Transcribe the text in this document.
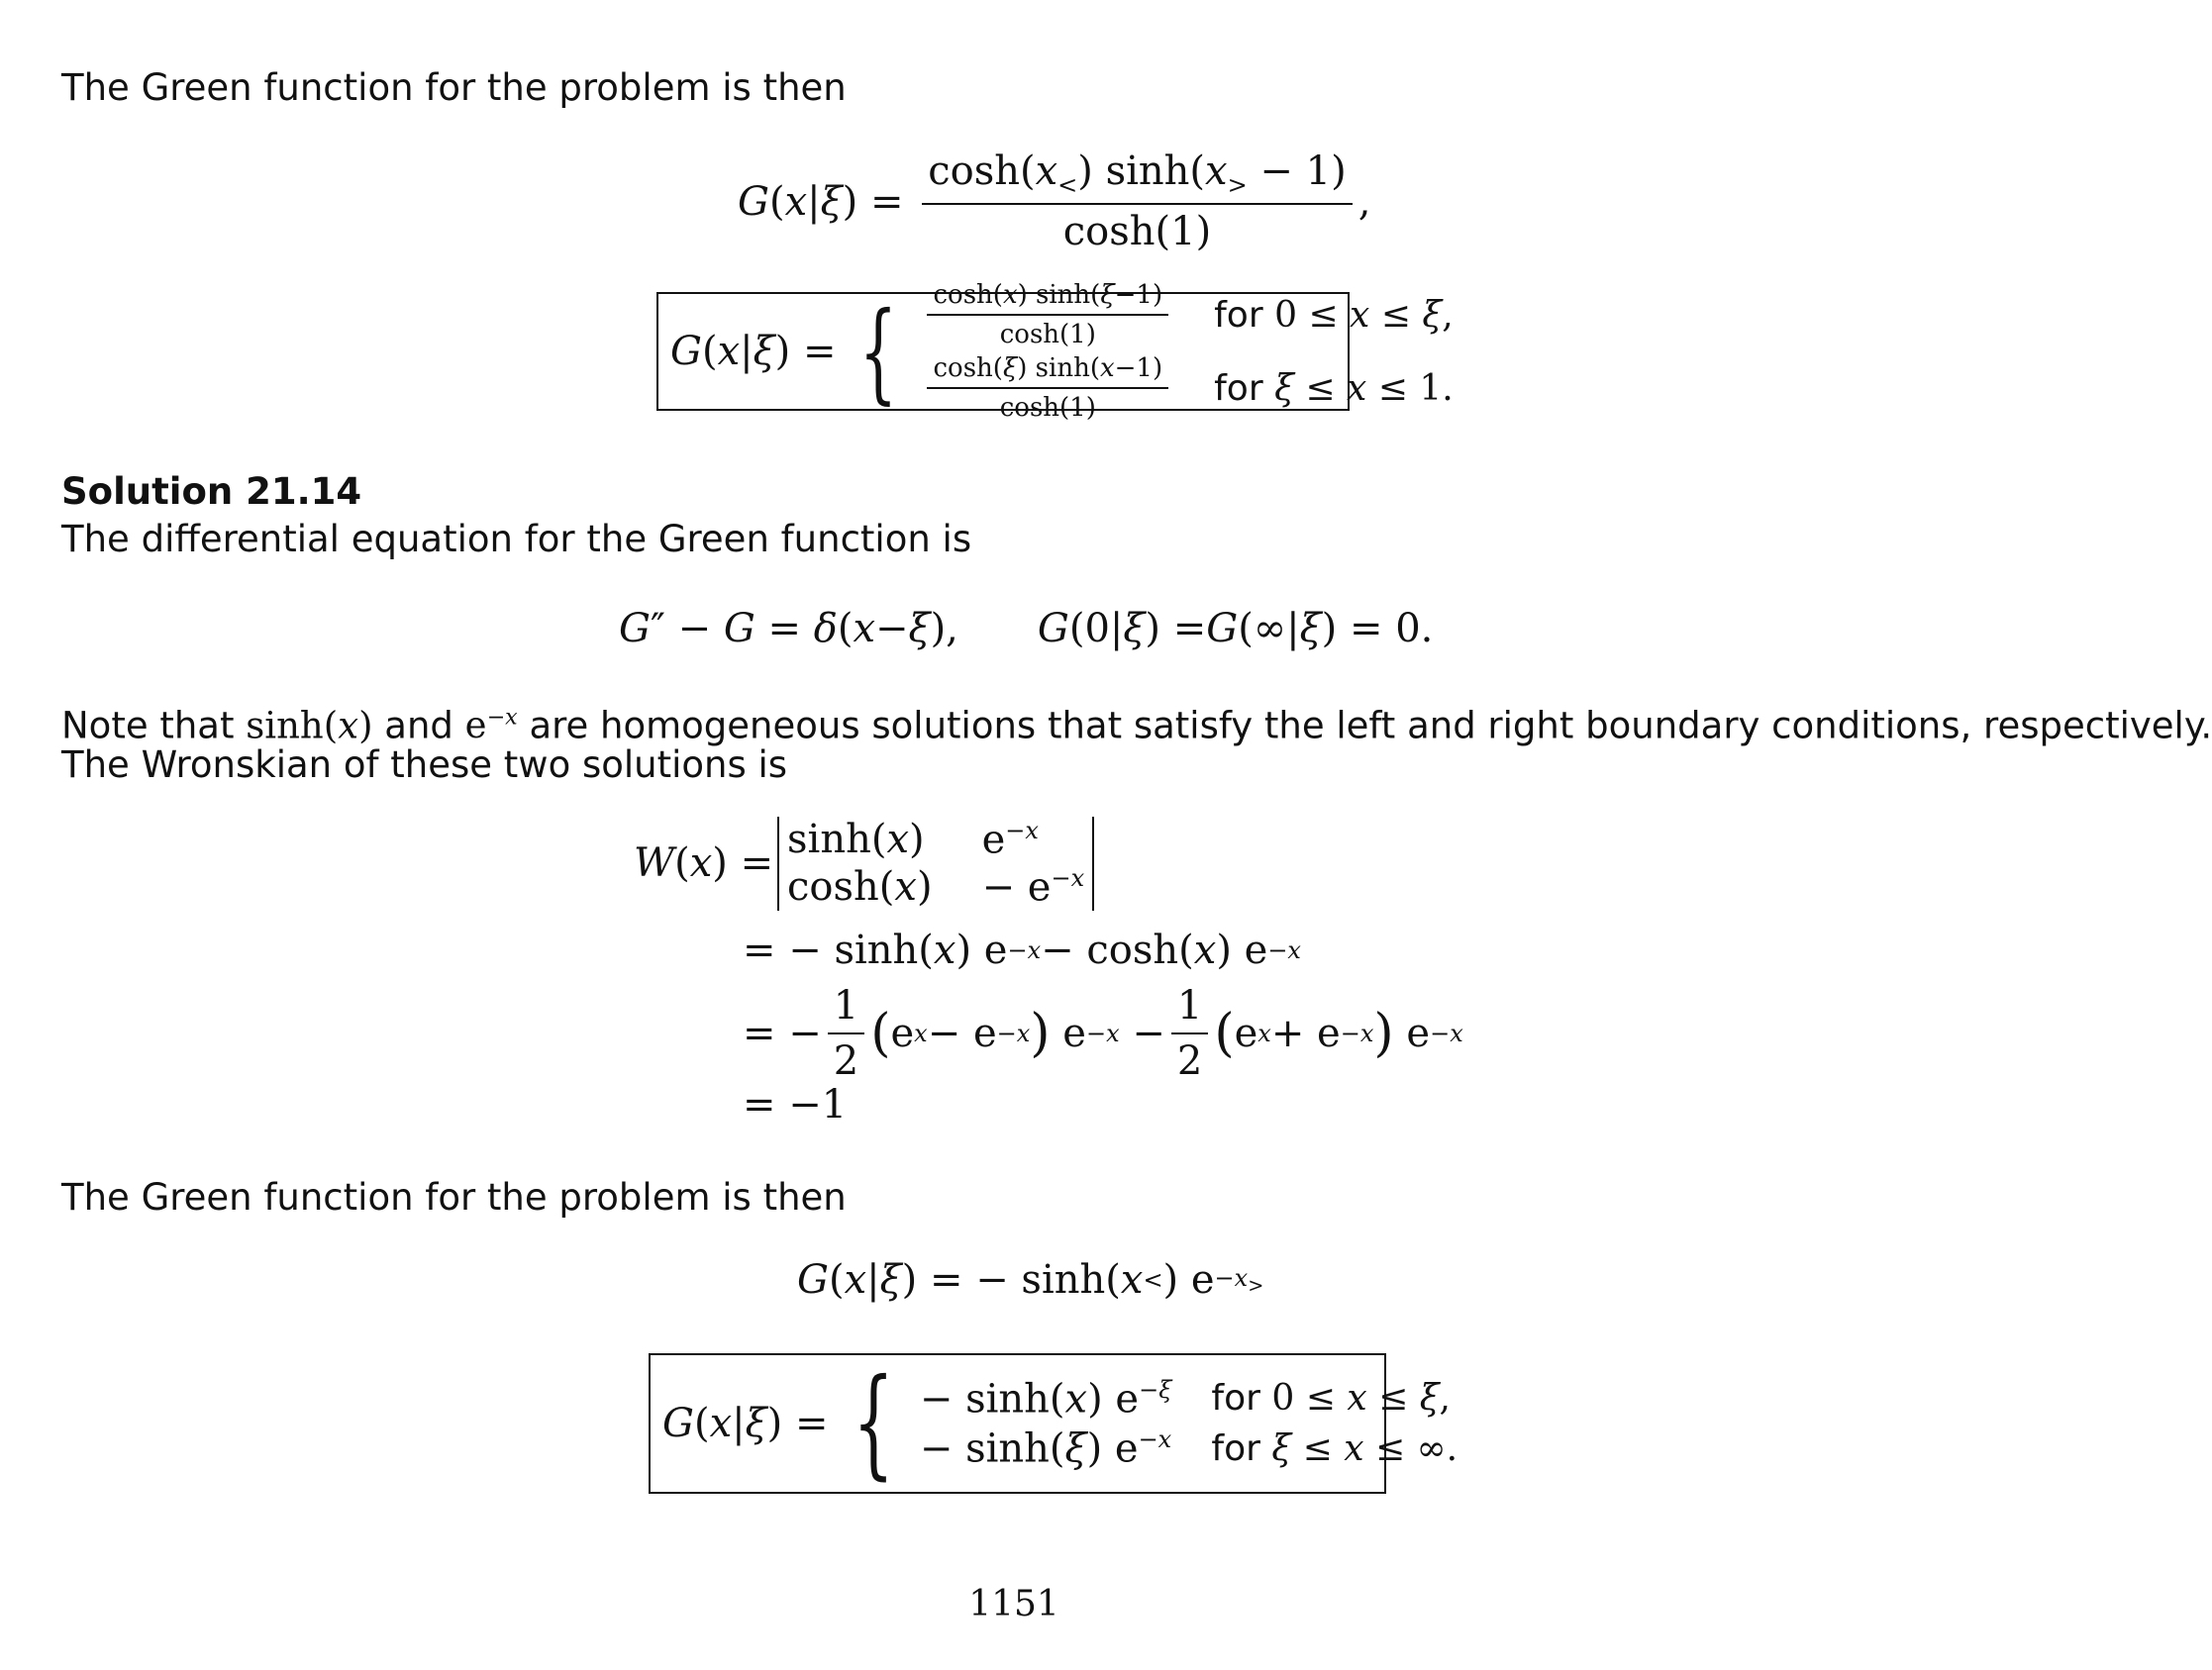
The Green function for the problem is then
G ( x | ξ ) = $\frac{\cosh(x_<) \sinh(x_> - 1)}{\cosh(1)}$ ,
G(x|ξ) = { $\frac{\cosh(x) \sinh(\xi-1)}{\cosh(1)}$ for 0 ≤ x ≤ ξ,
$\frac{\cosh(\xi) \sinh(x-1)}{\cosh(1)}$ for ξ ≤ x ≤ 1.
Solution 21.14
The differential equation for the Green function is
G ″ − G = δ ( x − ξ ), G (0| ξ ) = G (∞| ξ ) = 0.
Note that sinh(x) and $e^{-x}$ are homogeneous solutions that satisfy the left and right boundary conditions, respectively.
The Wronskian of these two solutions is
W(x) =
sinh(x) $e^{-x}$
$\cosh(x) - e^{-x}$
= − sinh( x ) e −x − cosh( x ) e −x
= − $\frac{1}{2}$ ( e x − e −x ) $e -x - \frac{1}{2}$ ( e x + e −x ) e −x
= −1
The Green function for the problem is then
G ( x | ξ ) = − sinh( x < ) $e -x_>$
G(x|ξ) = { − sinh(x) $e^{-\xi}$ for 0 ≤ x ≤ ξ,
− sinh(ξ) $e^{-x}$ for ξ ≤ x ≤ ∞.
1151
